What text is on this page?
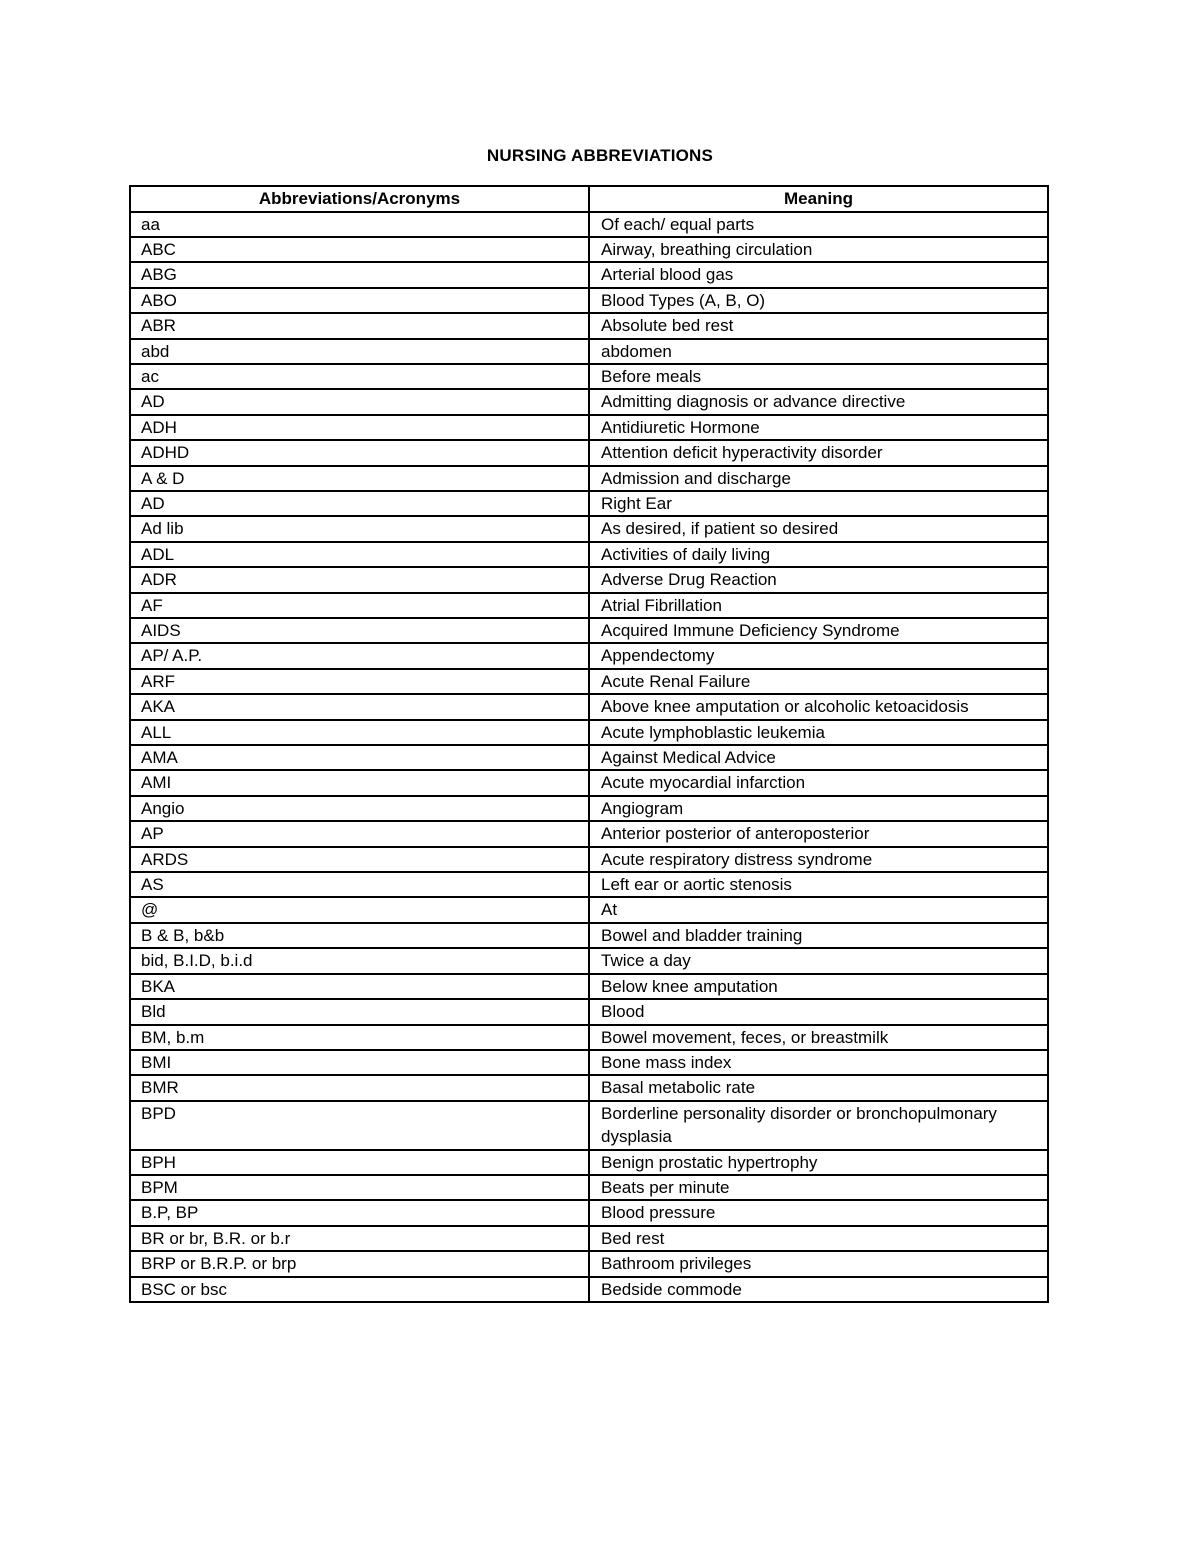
NURSING ABBREVIATIONS
Abbreviations/Acronyms	Meaning
aa	Of each/ equal parts
ABC	Airway, breathing circulation
ABG	Arterial blood gas
ABO	Blood Types (A, B, O)
ABR	Absolute bed rest
abd	abdomen
ac	Before meals
AD	Admitting diagnosis or advance directive
ADH	Antidiuretic Hormone
ADHD	Attention deficit hyperactivity disorder
A & D	Admission and discharge
AD	Right Ear
Ad lib	As desired, if patient so desired
ADL	Activities of daily living
ADR	Adverse Drug Reaction
AF	Atrial Fibrillation
AIDS	Acquired Immune Deficiency Syndrome
AP/ A.P.	Appendectomy
ARF	Acute Renal Failure
AKA	Above knee amputation or alcoholic ketoacidosis
ALL	Acute lymphoblastic leukemia
AMA	Against Medical Advice
AMI	Acute myocardial infarction
Angio	Angiogram
AP	Anterior posterior of anteroposterior
ARDS	Acute respiratory distress syndrome
AS	Left ear or aortic stenosis
@	At
B & B, b&b	Bowel and bladder training
bid, B.I.D, b.i.d	Twice a day
BKA	Below knee amputation
Bld	Blood
BM, b.m	Bowel movement, feces, or breastmilk
BMI	Bone mass index
BMR	Basal metabolic rate
BPD	Borderline personality disorder or bronchopulmonary dysplasia
BPH	Benign prostatic hypertrophy
BPM	Beats per minute
B.P, BP	Blood pressure
BR or br, B.R. or b.r	Bed rest
BRP or B.R.P. or brp	Bathroom privileges
BSC or bsc	Bedside commode
